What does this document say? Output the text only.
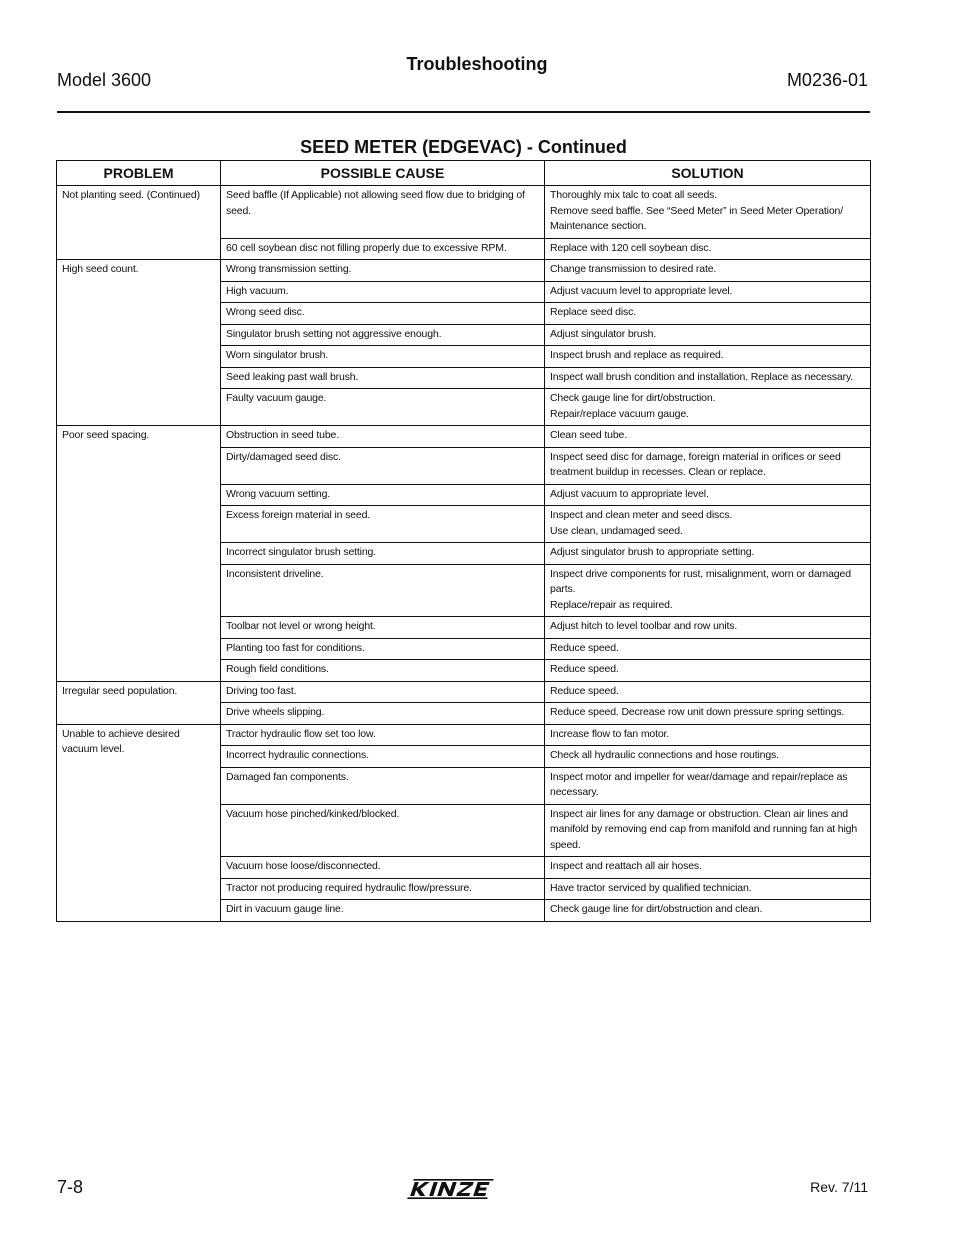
Troubleshooting
Model 3600	M0236-01
SEED METER (EDGEVAC) - Continued
PROBLEM	POSSIBLE CAUSE	SOLUTION
Not planting seed. (Continued)	Seed baffle (If Applicable) not allowing seed flow due to bridging of seed.	Thoroughly mix talc to coat all seeds.
Remove seed baffle. See “Seed Meter” in Seed Meter Operation/ Maintenance section.

	60 cell soybean disc not filling properly due to excessive RPM.	Replace with 120 cell soybean disc.

High seed count.	Wrong transmission setting.	Change transmission to desired rate.

	High vacuum.	Adjust vacuum level to appropriate level.

	Wrong seed disc.	Replace seed disc.

	Singulator brush setting not aggressive enough.	Adjust singulator brush.

	Worn singulator brush.	Inspect brush and replace as required.

	Seed leaking past wall brush.	Inspect wall brush condition and installation. Replace as necessary.

	Faulty vacuum gauge.	Check gauge line for dirt/obstruction.
Repair/replace vacuum gauge.

Poor seed spacing.	Obstruction in seed tube.	Clean seed tube.

	Dirty/damaged seed disc.	Inspect seed disc for damage, foreign material in orifices or seed treatment buildup in recesses. Clean or replace.

	Wrong vacuum setting.	Adjust vacuum to appropriate level.

	Excess foreign material in seed.	Inspect and clean meter and seed discs.
Use clean, undamaged seed.

	Incorrect singulator brush setting.	Adjust singulator brush to appropriate setting.

	Inconsistent driveline.	Inspect drive components for rust, misalignment, worn or damaged parts.
Replace/repair as required.

	Toolbar not level or wrong height.	Adjust hitch to level toolbar and row units.

	Planting too fast for conditions.	Reduce speed.

	Rough field conditions.	Reduce speed.

Irregular seed population.	Driving too fast.	Reduce speed.

	Drive wheels slipping.	Reduce speed. Decrease row unit down pressure spring settings.

Unable to achieve desired vacuum level.	Tractor hydraulic flow set too low.	Increase flow to fan motor.

	Incorrect hydraulic connections.	Check all hydraulic connections and hose routings.

	Damaged fan components.	Inspect motor and impeller for wear/damage and repair/replace as necessary.

	Vacuum hose pinched/kinked/blocked.	Inspect air lines for any damage or obstruction. Clean air lines and manifold by removing end cap from manifold and running fan at high speed.

	Vacuum hose loose/disconnected.	Inspect and reattach all air hoses.

	Tractor not producing required hydraulic flow/pressure.	Have tractor serviced by qualified technician.

	Dirt in vacuum gauge line.	Check gauge line for dirt/obstruction and clean.
7-8	Rev. 7/11
